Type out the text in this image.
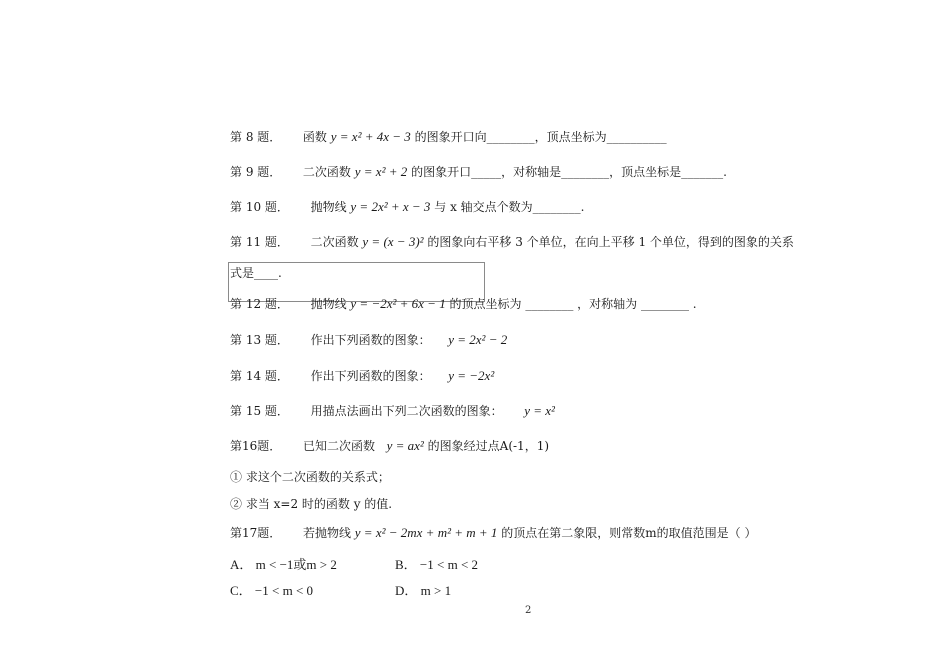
第 8 题． 函数 y = x² + 4x − 3 的图象开口向________，顶点坐标为__________
第 9 题． 二次函数 y = x² + 2 的图象开口_____，对称轴是________，顶点坐标是_______.
第 10 题． 抛物线 y = 2x² + x − 3 与 x 轴交点个数为________.
第 11 题． 二次函数 y = (x − 3)² 的图象向右平移 3 个单位，在向上平移 1 个单位，得到的图象的关系
式是____.
第 12 题． 抛物线 y = −2x² + 6x − 1 的顶点坐标为 ________ ，对称轴为 ________ .
第 13 题． 作出下列函数的图象： y = 2x² − 2
第 14 题． 作出下列函数的图象： y = −2x²
第 15 题． 用描点法画出下列二次函数的图象： y = x²
第16题． 已知二次函数 y = ax² 的图象经过点A(-1，1)
① 求这个二次函数的关系式；
② 求当 x=2 时的函数 y 的值.
第17题． 若抛物线 y = x² − 2mx + m² + m + 1 的顶点在第二象限，则常数m的取值范围是（ ）
A． m < −1或m > 2	B． −1 < m < 2
C． −1 < m < 0	D． m > 1
2
